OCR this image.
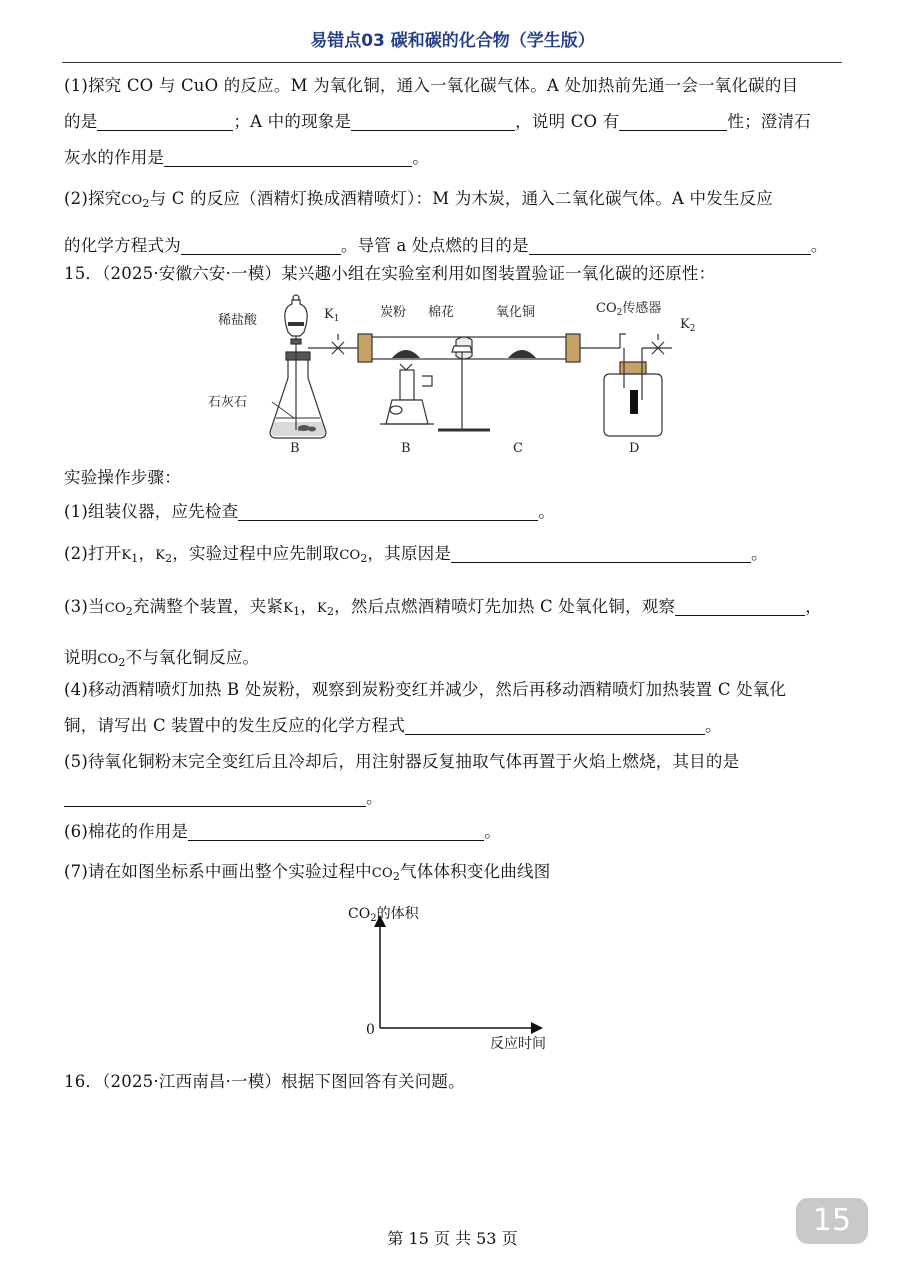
易错点03 碳和碳的化合物（学生版）
(1)探究 CO 与 CuO 的反应。M 为氧化铜，通入一氧化碳气体。A 处加热前先通一会一氧化碳的目
的是	；A 中的现象是	，说明 CO 有	性；澄清石
灰水的作用是	。
(2)探究$CO_2$与 C 的反应（酒精灯换成酒精喷灯）：M 为木炭，通入二氧化碳气体。A 中发生反应
的化学方程式为	。导管 a 处点燃的目的是	。
15．（2025·安徽六安·一模）某兴趣小组在实验室利用如图装置验证一氧化碳的还原性：
稀盐酸	$K_1$	炭粉 棉花	氧化铜	$CO_2$传感器
$K_2$
石灰石
B	B	C	D
实验操作步骤：
(1)组装仪器，应先检查	。
(2)打开$K_1$，$K_2$，实验过程中应先制取$CO_2$，其原因是	。
(3)当$CO_2$充满整个装置，夹紧$K_1$，$K_2$，然后点燃酒精喷灯先加热 C 处氧化铜，观察	，
说明$CO_2$不与氧化铜反应。
(4)移动酒精喷灯加热 B 处炭粉，观察到炭粉变红并减少，然后再移动酒精喷灯加热装置 C 处氧化
铜，请写出 C 装置中的发生反应的化学方程式	。
(5)待氧化铜粉末完全变红后且冷却后，用注射器反复抽取气体再置于火焰上燃烧，其目的是
。
(6)棉花的作用是	。
(7)请在如图坐标系中画出整个实验过程中$CO_2$气体体积变化曲线图
$CO_2$的体积
0
反应时间
16．（2025·江西南昌·一模）根据下图回答有关问题。
15
第 15 页 共 53 页
